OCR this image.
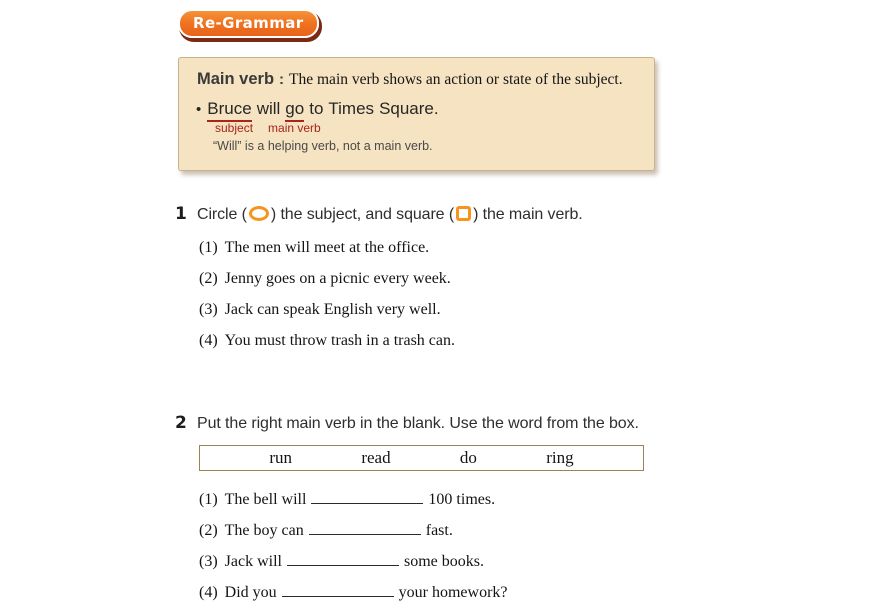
Re-Grammar
Main verb : The main verb shows an action or state of the subject.
• Bruce will go to Times Square.
subject main verb
“Will” is a helping verb, not a main verb.
1 Circle ( ) the subject, and square ( ) the main verb.
(1) The men will meet at the office.
(2) Jenny goes on a picnic every week.
(3) Jack can speak English very well.
(4) You must throw trash in a trash can.
2 Put the right main verb in the blank. Use the word from the box.
run	read	do	ring
(1) The bell will	100 times.
(2) The boy can	fast.
(3) Jack will	some books.
(4) Did you	your homework?
